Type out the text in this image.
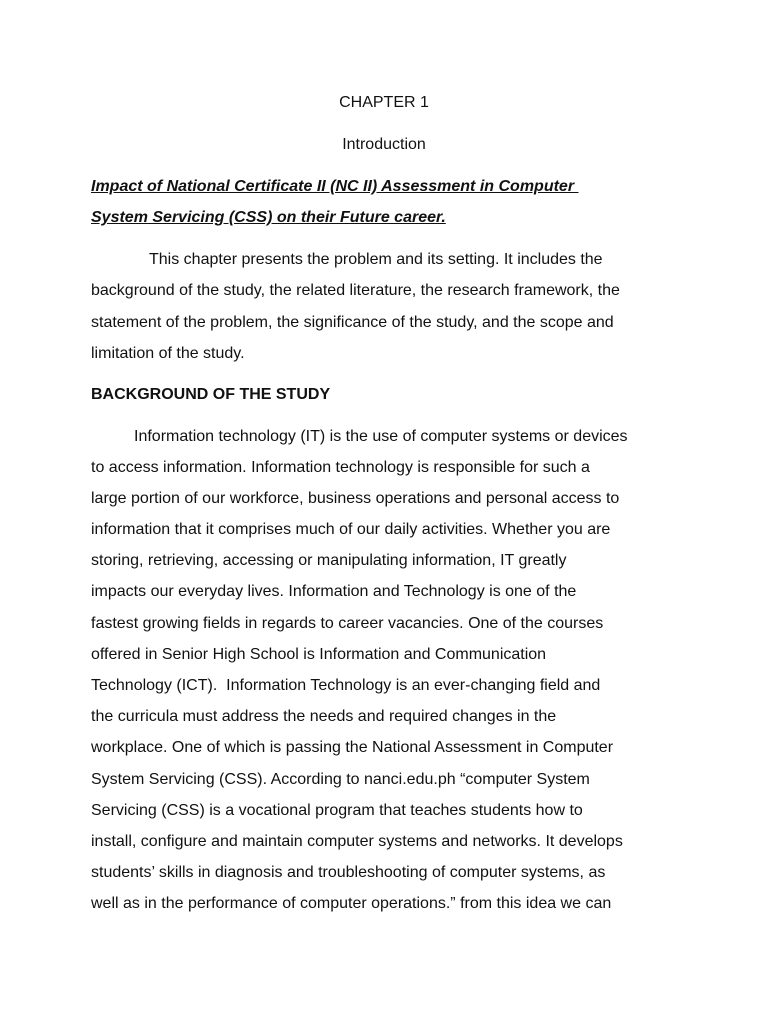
CHAPTER 1
Introduction
Impact of National Certificate II (NC II) Assessment in Computer
System Servicing (CSS) on their Future career.
This chapter presents the problem and its setting. It includes the
background of the study, the related literature, the research framework, the
statement of the problem, the significance of the study, and the scope and
limitation of the study.
BACKGROUND OF THE STUDY
Information technology (IT) is the use of computer systems or devices
to access information. Information technology is responsible for such a
large portion of our workforce, business operations and personal access to
information that it comprises much of our daily activities. Whether you are
storing, retrieving, accessing or manipulating information, IT greatly
impacts our everyday lives. Information and Technology is one of the
fastest growing fields in regards to career vacancies. One of the courses
offered in Senior High School is Information and Communication
Technology (ICT).  Information Technology is an ever-changing field and
the curricula must address the needs and required changes in the
workplace. One of which is passing the National Assessment in Computer
System Servicing (CSS). According to nanci.edu.ph “computer System
Servicing (CSS) is a vocational program that teaches students how to
install, configure and maintain computer systems and networks. It develops
students’ skills in diagnosis and troubleshooting of computer systems, as
well as in the performance of computer operations.” from this idea we can
